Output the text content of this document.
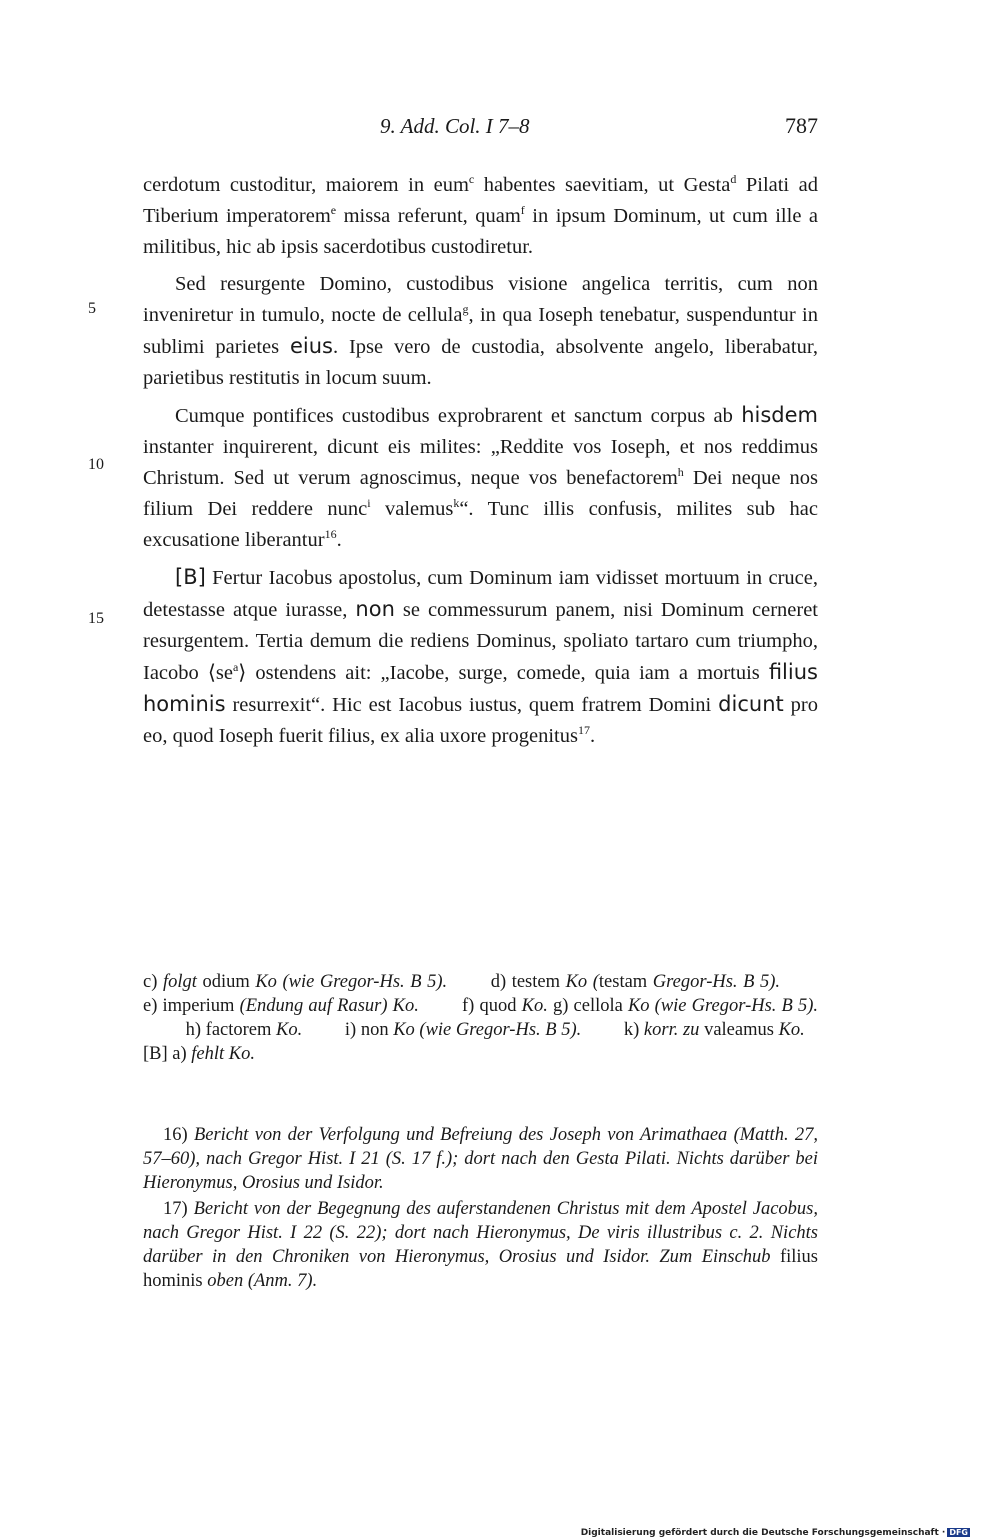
9. Add. Col. I 7–8	787
5
10
15

cerdotum custoditur, maiorem in eum$^c$ habentes saevitiam, ut Gesta$^d$ Pilati ad Tiberium imperatorem$^e$ missa referunt, quam$^f$ in ipsum Dominum, ut cum ille a militibus, hic ab ipsis sacerdotibus custodiretur.

Sed resurgente Domino, custodibus visione angelica territis, cum non inveniretur in tumulo, nocte de cellula$^g$, in qua Ioseph tenebatur, suspenduntur in sublimi parietes eius. Ipse vero de custodia, absolvente angelo, liberabatur, parietibus restitutis in locum suum.

Cumque pontifices custodibus exprobrarent et sanctum corpus ab hisdem instanter inquirerent, dicunt eis milites: „Reddite vos Ioseph, et nos reddimus Christum. Sed ut verum agnoscimus, neque vos benefactorem$^h$ Dei neque nos filium Dei reddere nunc$^i$ valemus$^k$“. Tunc illis confusis, milites sub hac excusatione liberantur$^{16}$.

[B] Fertur Iacobus apostolus, cum Dominum iam vidisset mortuum in cruce, detestasse atque iurasse, non se commessurum panem, nisi Dominum cerneret resurgentem. Tertia demum die rediens Dominus, spoliato tartaro cum triumpho, Iacobo $⟨se^a⟩$ ostendens ait: „Iacobe, surge, comede, quia iam a mortuis filius hominis resurrexit“. Hic est Iacobus iustus, quem fratrem Domini dicunt pro eo, quod Ioseph fuerit filius, ex alia uxore progenitus$^{17}$.

c) folgt odium Ko (wie Gregor-Hs. B 5). d) testem Ko (testam Gregor-Hs. B 5). e) imperium (Endung auf Rasur) Ko. f) quod Ko. g) cellola Ko (wie Gregor-Hs. B 5). h) factorem Ko. i) non Ko (wie Gregor-Hs. B 5). k) korr. zu valeamus Ko.

[B] a) fehlt Ko.

16) Bericht von der Verfolgung und Befreiung des Joseph von Arimathaea (Matth. 27, 57–60), nach Gregor Hist. I 21 (S. 17 f.); dort nach den Gesta Pilati. Nichts darüber bei Hieronymus, Orosius und Isidor.

17) Bericht von der Begegnung des auferstandenen Christus mit dem Apostel Jacobus, nach Gregor Hist. I 22 (S. 22); dort nach Hieronymus, De viris illustribus c. 2. Nichts darüber in den Chroniken von Hieronymus, Orosius und Isidor. Zum Einschub filius hominis oben (Anm. 7).

Digitalisierung gefördert durch die Deutsche Forschungsgemeinschaft · DFG
